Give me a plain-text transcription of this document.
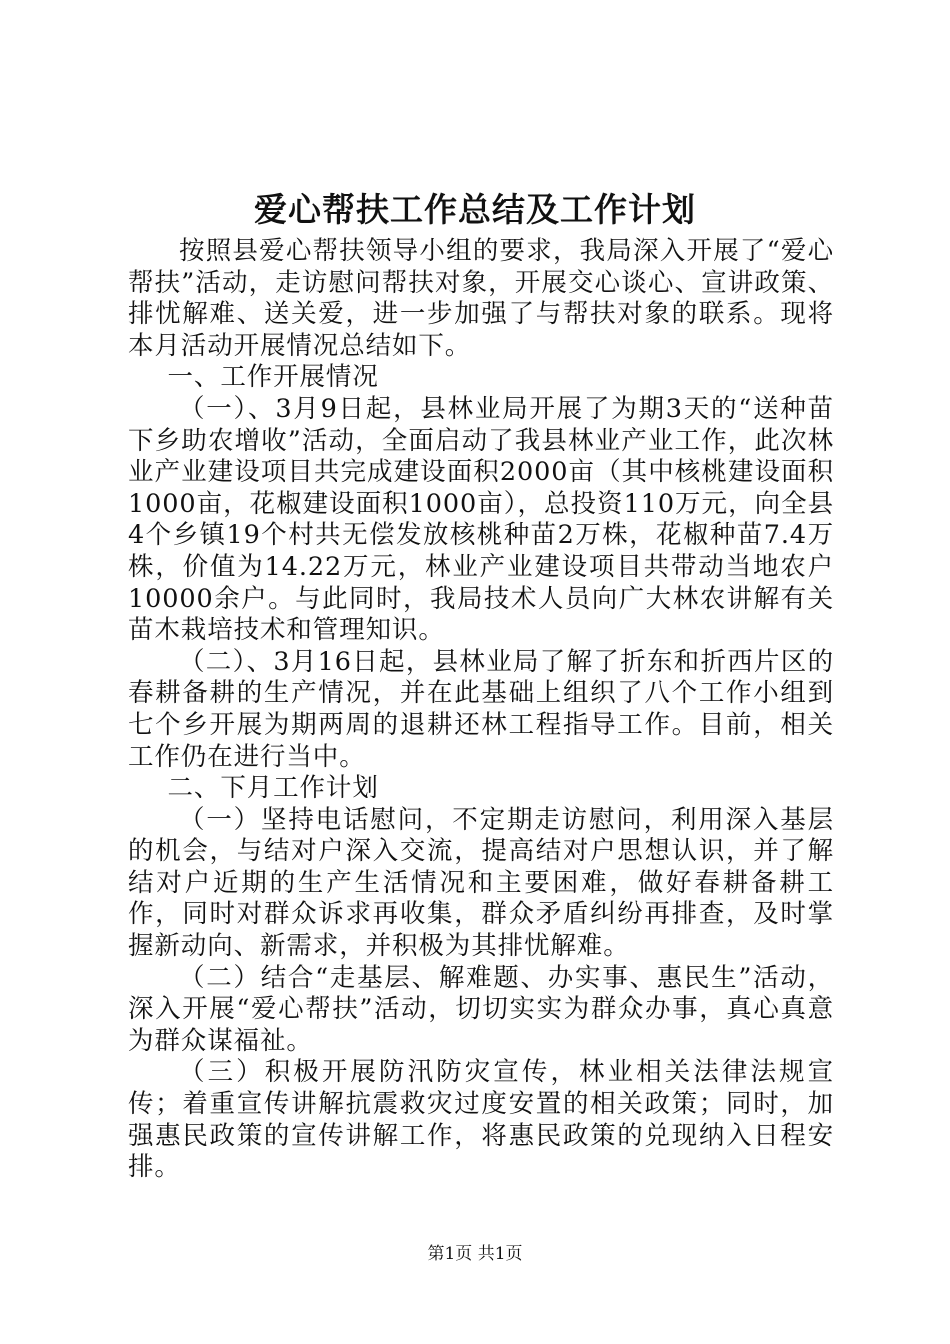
爱心帮扶工作总结及工作计划

按照县爱心帮扶领导小组的要求，我局深入开展了“爱心帮扶”活动，走访慰问帮扶对象，开展交心谈心、宣讲政策、排忧解难、送关爱，进一步加强了与帮扶对象的联系。现将本月活动开展情况总结如下。

一、工作开展情况

（一）、3月9日起，县林业局开展了为期3天的“送种苗下乡助农增收”活动，全面启动了我县林业产业工作，此次林业产业建设项目共完成建设面积2000亩（其中核桃建设面积1000亩，花椒建设面积1000亩），总投资110万元，向全县4个乡镇19个村共无偿发放核桃种苗2万株，花椒种苗7.4万株，价值为14.22万元，林业产业建设项目共带动当地农户10000余户。与此同时，我局技术人员向广大林农讲解有关苗木栽培技术和管理知识。

（二）、3月16日起，县林业局了解了折东和折西片区的春耕备耕的生产情况，并在此基础上组织了八个工作小组到七个乡开展为期两周的退耕还林工程指导工作。目前，相关工作仍在进行当中。

二、下月工作计划

（一）坚持电话慰问，不定期走访慰问，利用深入基层的机会，与结对户深入交流，提高结对户思想认识，并了解结对户近期的生产生活情况和主要困难，做好春耕备耕工作，同时对群众诉求再收集，群众矛盾纠纷再排查，及时掌握新动向、新需求，并积极为其排忧解难。

（二）结合“走基层、解难题、办实事、惠民生”活动，深入开展“爱心帮扶”活动，切切实实为群众办事，真心真意为群众谋福祉。

（三）积极开展防汛防灾宣传，林业相关法律法规宣传；着重宣传讲解抗震救灾过度安置的相关政策；同时，加强惠民政策的宣传讲解工作，将惠民政策的兑现纳入日程安排。

第1页 共1页
